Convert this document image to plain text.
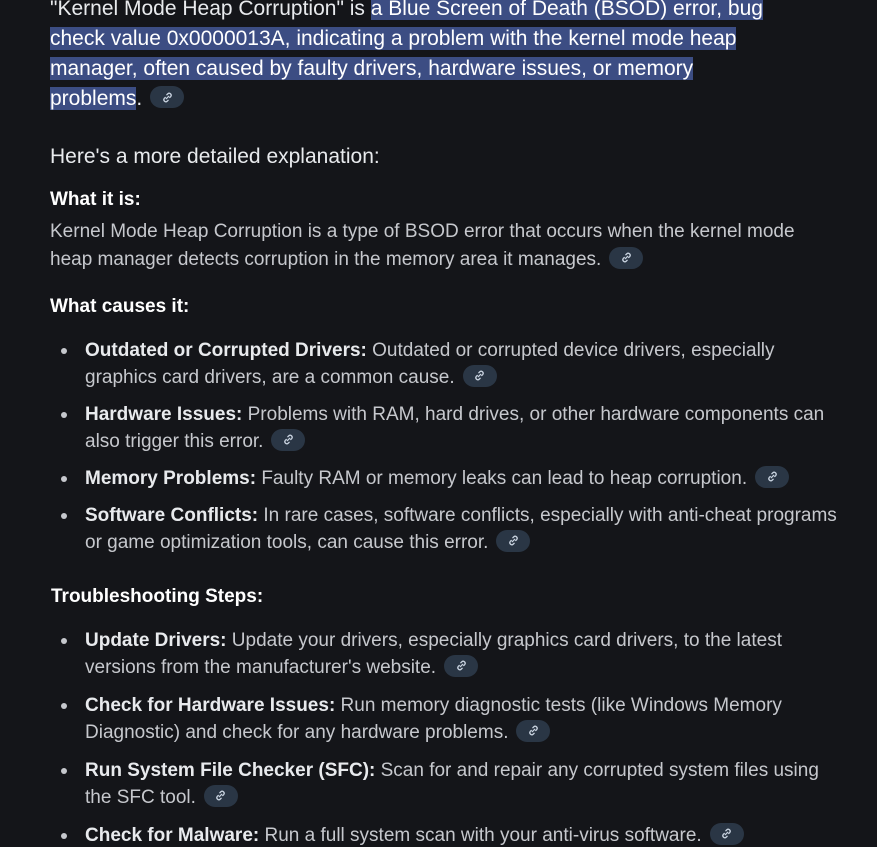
"Kernel Mode Heap Corruption" is a Blue Screen of Death (BSOD) error, bug
check value 0x0000013A, indicating a problem with the kernel mode heap
manager, often caused by faulty drivers, hardware issues, or memory
problems.

Here's a more detailed explanation:

What it is:

Kernel Mode Heap Corruption is a type of BSOD error that occurs when the kernel mode heap manager detects corruption in the memory area it manages.

What causes it:

Outdated or Corrupted Drivers: Outdated or corrupted device drivers, especially graphics card drivers, are a common cause.
Hardware Issues: Problems with RAM, hard drives, or other hardware components can also trigger this error.
Memory Problems: Faulty RAM or memory leaks can lead to heap corruption.
Software Conflicts: In rare cases, software conflicts, especially with anti-cheat programs or game optimization tools, can cause this error.

Troubleshooting Steps:

Update Drivers: Update your drivers, especially graphics card drivers, to the latest versions from the manufacturer's website.
Check for Hardware Issues: Run memory diagnostic tests (like Windows Memory Diagnostic) and check for any hardware problems.
Run System File Checker (SFC): Scan for and repair any corrupted system files using the SFC tool.
Check for Malware: Run a full system scan with your anti-virus software.
